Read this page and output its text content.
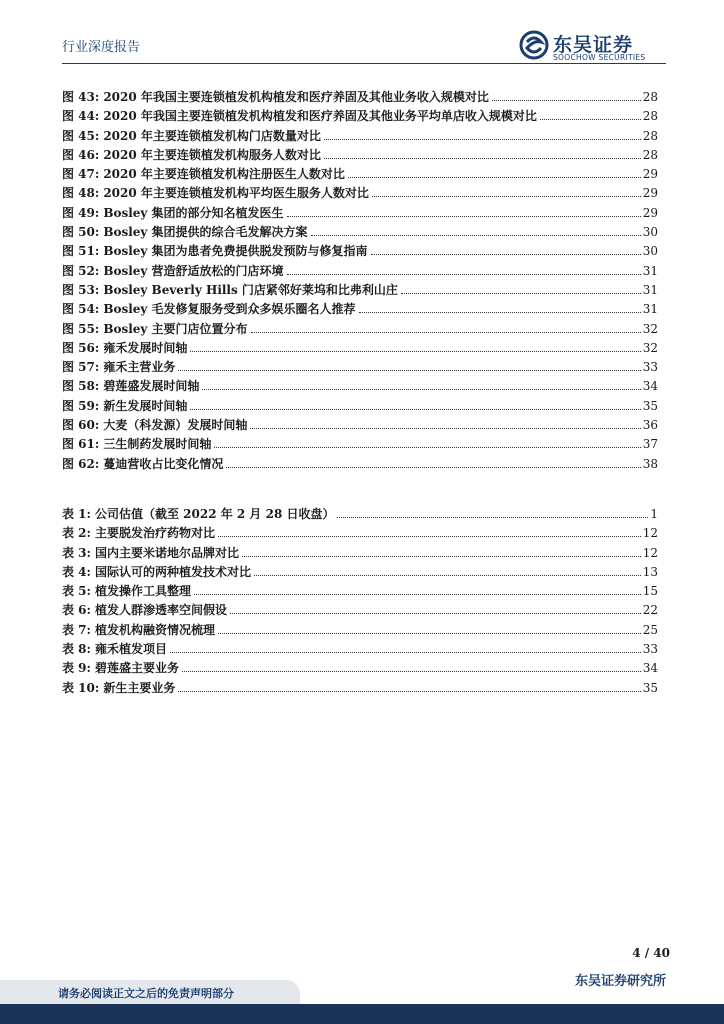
行业深度报告	东吴证券
SOOCHOW SECURITIES
图 43: 2020 年我国主要连锁植发机构植发和医疗养固及其他业务收入规模对比	28
图 44: 2020 年我国主要连锁植发机构植发和医疗养固及其他业务平均单店收入规模对比	28
图 45: 2020 年主要连锁植发机构门店数量对比	28
图 46: 2020 年主要连锁植发机构服务人数对比	28
图 47: 2020 年主要连锁植发机构注册医生人数对比	29
图 48: 2020 年主要连锁植发机构平均医生服务人数对比	29
图 49: Bosley 集团的部分知名植发医生	29
图 50: Bosley 集团提供的综合毛发解决方案	30
图 51: Bosley 集团为患者免费提供脱发预防与修复指南	30
图 52: Bosley 营造舒适放松的门店环境	31
图 53: Bosley Beverly Hills 门店紧邻好莱坞和比弗利山庄	31
图 54: Bosley 毛发修复服务受到众多娱乐圈名人推荐	31
图 55: Bosley 主要门店位置分布	32
图 56: 雍禾发展时间轴	32
图 57: 雍禾主营业务	33
图 58: 碧莲盛发展时间轴	34
图 59: 新生发展时间轴	35
图 60: 大麦（科发源）发展时间轴	36
图 61: 三生制药发展时间轴	37
图 62: 蔓迪营收占比变化情况	38
表 1: 公司估值（截至 2022 年 2 月 28 日收盘）	1
表 2: 主要脱发治疗药物对比	12
表 3: 国内主要米诺地尔品牌对比	12
表 4: 国际认可的两种植发技术对比	13
表 5: 植发操作工具整理	15
表 6: 植发人群渗透率空间假设	22
表 7: 植发机构融资情况梳理	25
表 8: 雍禾植发项目	33
表 9: 碧莲盛主要业务	34
表 10: 新生主要业务	35
4 / 40
东吴证券研究所
请务必阅读正文之后的免责声明部分
